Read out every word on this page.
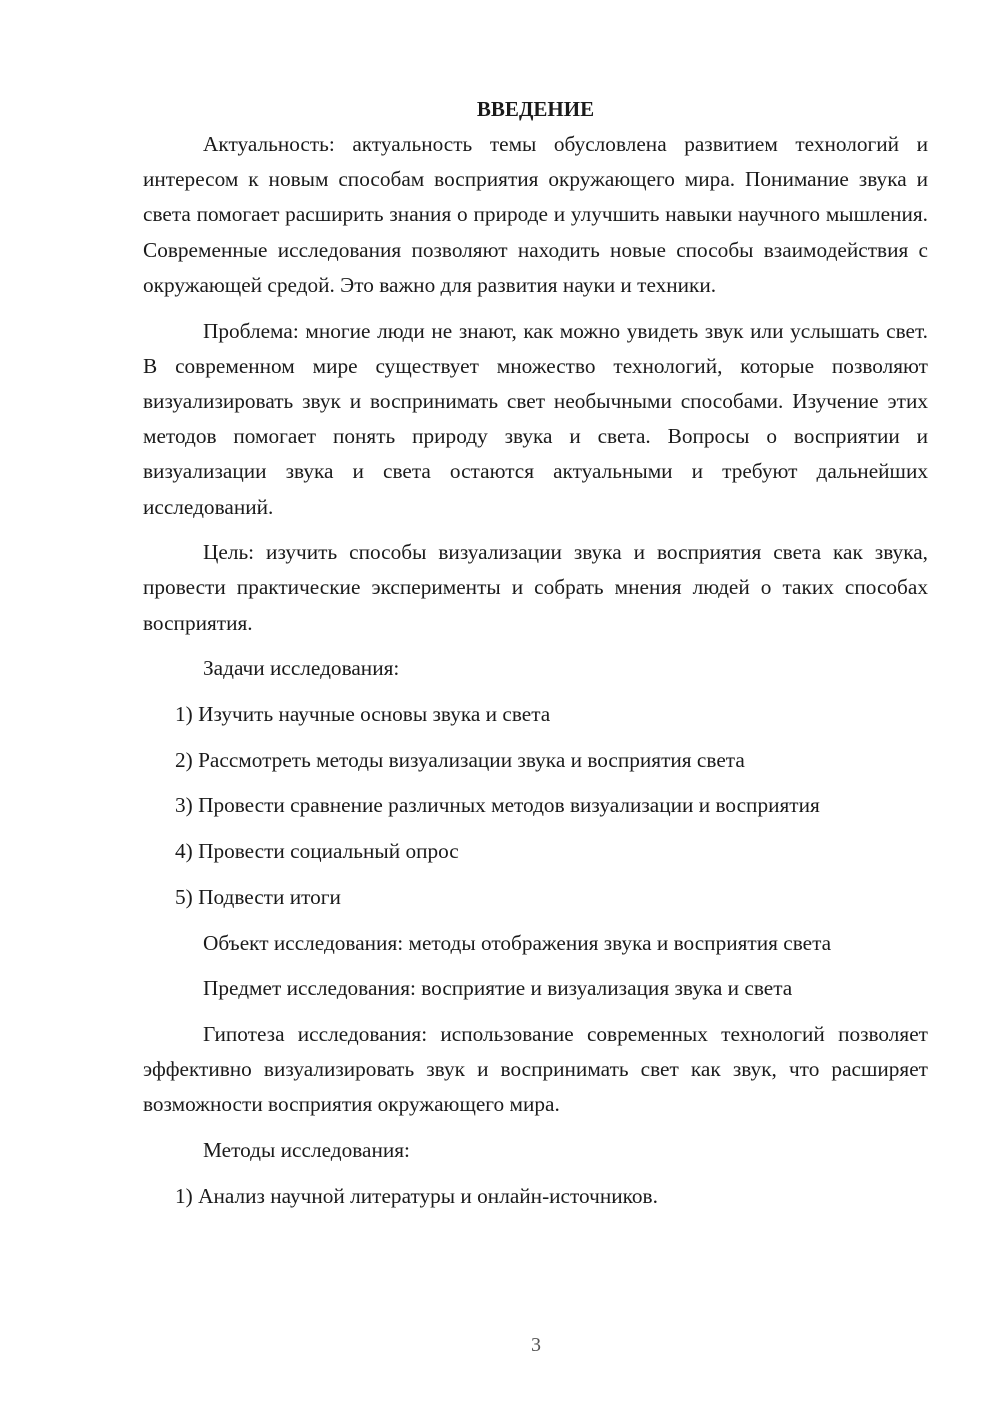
ВВЕДЕНИЕ

Актуальность: актуальность темы обусловлена развитием технологий и интересом к новым способам восприятия окружающего мира. Понимание звука и света помогает расширить знания о природе и улучшить навыки научного мышления. Современные исследования позволяют находить новые способы взаимодействия с окружающей средой. Это важно для развития науки и техники.

Проблема: многие люди не знают, как можно увидеть звук или услышать свет. В современном мире существует множество технологий, которые позволяют визуализировать звук и воспринимать свет необычными способами. Изучение этих методов помогает понять природу звука и света. Вопросы о восприятии и визуализации звука и света остаются актуальными и требуют дальнейших исследований.

Цель: изучить способы визуализации звука и восприятия света как звука, провести практические эксперименты и собрать мнения людей о таких способах восприятия.

Задачи исследования:

1) Изучить научные основы звука и света

2) Рассмотреть методы визуализации звука и восприятия света

3) Провести сравнение различных методов визуализации и восприятия

4) Провести социальный опрос

5) Подвести итоги

Объект исследования: методы отображения звука и восприятия света

Предмет исследования: восприятие и визуализация звука и света

Гипотеза исследования: использование современных технологий позволяет эффективно визуализировать звук и воспринимать свет как звук, что расширяет возможности восприятия окружающего мира.

Методы исследования:

1) Анализ научной литературы и онлайн-источников.

3
